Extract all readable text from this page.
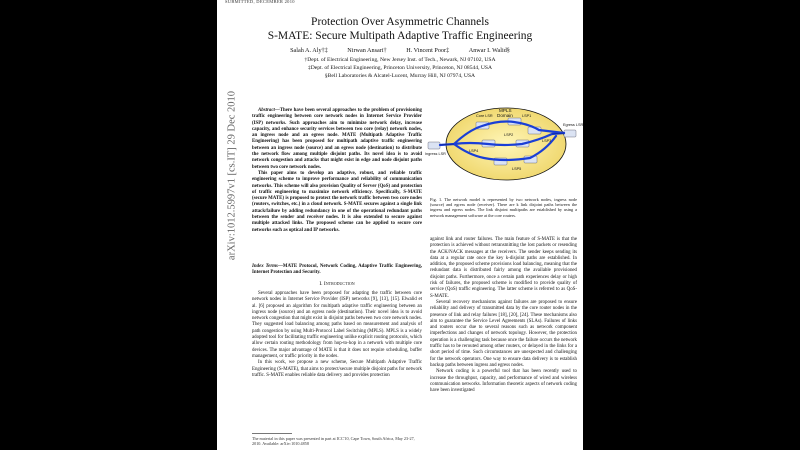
SUBMITTED, DECEMBER 2010
Protection Over Asymmetric Channels
S-MATE: Secure Multipath Adaptive Traffic Engineering
Salah A. Aly†‡	Nirwan Ansari†	H. Vincent Poor‡	Anwar I. Walid§
†Dept. of Electrical Engineering, New Jersey Inst. of Tech., Newark, NJ 07102, USA
‡Dept. of Electrical Engineering, Princeton University, Princeton, NJ 08544, USA
§Bell Laboratories & Alcatel-Lucent, Murray Hill, NJ 07974, USA
arXiv:1012.5997v1 [cs.IT] 29 Dec 2010	Abstract—There have been several approaches to the problem of provisioning traffic engineering between core network nodes in Internet Service Provider (ISP) networks. Such approaches aim to minimize network delay, increase capacity, and enhance security services between two core (relay) network nodes, an ingress node and an egress node. MATE (Multipath Adaptive Traffic Engineering) has been proposed for multipath adaptive traffic engineering between an ingress node (source) and an egress node (destination) to distribute the network flow among multiple disjoint paths. Its novel idea is to avoid network congestion and attacks that might exist in edge and node disjoint paths between two core network nodes.

This paper aims to develop an adaptive, robust, and reliable traffic engineering scheme to improve performance and reliability of communication networks. This scheme will also provision Quality of Server (QoS) and protection of traffic engineering to maximize network efficiency. Specifically, S-MATE (secure MATE) is proposed to protect the network traffic between two core nodes (routers, switches, etc.) in a cloud network. S-MATE secures against a single link attack/failure by adding redundancy in one of the operational redundant paths between the sender and receiver nodes. It is also extended to secure against multiple attacked links. The proposed scheme can be applied to secure core networks such as optical and IP networks.

Index Terms—MATE Protocol, Network Coding, Adaptive Traffic Engineering, Internet Protection and Security.
I. Introduction

Several approaches have been proposed for adapting the traffic between core network nodes in Internet Service Provider (ISP) networks [9], [13], [15]. Elwalid et al. [6] proposed an algorithm for multipath adaptive traffic engineering between an ingress node (source) and an egress node (destination). Their novel idea is to avoid network congestion that might exist in disjoint paths between two core network nodes. They suggested load balancing among paths based on measurement and analysis of path congestion by using Multi-Protocol Label Switching (MPLS). MPLS is a widely adopted tool for facilitating traffic engineering unlike explicit routing protocols, which allow certain routing methodology from hop-to-hop in a network with multiple core devices. The major advantage of MATE is that it does not require scheduling, buffer management, or traffic priority in the nodes.

In this work, we propose a new scheme, Secure Multipath Adaptive Traffic Engineering (S-MATE), that aims to protect/secure multiple disjoint paths for network traffic. S-MATE enables reliable data delivery and provides protection

The material in this paper was presented in part at ICC'10, Cape Town, South Africa, May 23-27, 2010. Available: arXiv:1010.4858
MPLS
Domain
Core LSR
Ingress LSR
Egress LSR
LSP1
LSP2
LSP3
LSP4
LSP5
Fig. 1. The network model is represented by two network nodes, ingress node (source) and egress node (receiver). There are k link disjoint paths between the ingress and egress nodes. The link disjoint multipaths are established by using a network management software at the core routers.

against link and router failures. The main feature of S-MATE is that the protection is achieved without retransmitting the lost packets or resending the ACK/NACK messages at the receivers. The sender keeps sending its data at a regular rate once the key k-disjoint paths are established. In addition, the proposed scheme provisions load balancing, meaning that the redundant data is distributed fairly among the available provisioned disjoint paths. Furthermore, once a certain path experiences delay or high risk of failures, the proposed scheme is modified to provide quality of service (QoS) traffic engineering. The latter scheme is referred to as QoS-S-MATE.

Several recovery mechanisms against failures are proposed to ensure reliability and delivery of transmitted data by the core router nodes in the presence of link and relay failures [18], [20], [24]. These mechanisms also aim to guarantee the Service Level Agreements (SLAs). Failures of links and routers occur due to several reasons such as network component imperfections and changes of network topology. However, the protection operation is a challenging task because once the failure occurs the network traffic has to be rerouted among other routers, or delayed in the links for a short period of time. Such circumstances are unexpected and challenging for the network operators. One way to ensure data delivery is to establish backup paths between ingress and egress nodes.

Network coding is a powerful tool that has been recently used to increase the throughput, capacity, and performance of wired and wireless communication networks. Information theoretic aspects of network coding have been investigated
